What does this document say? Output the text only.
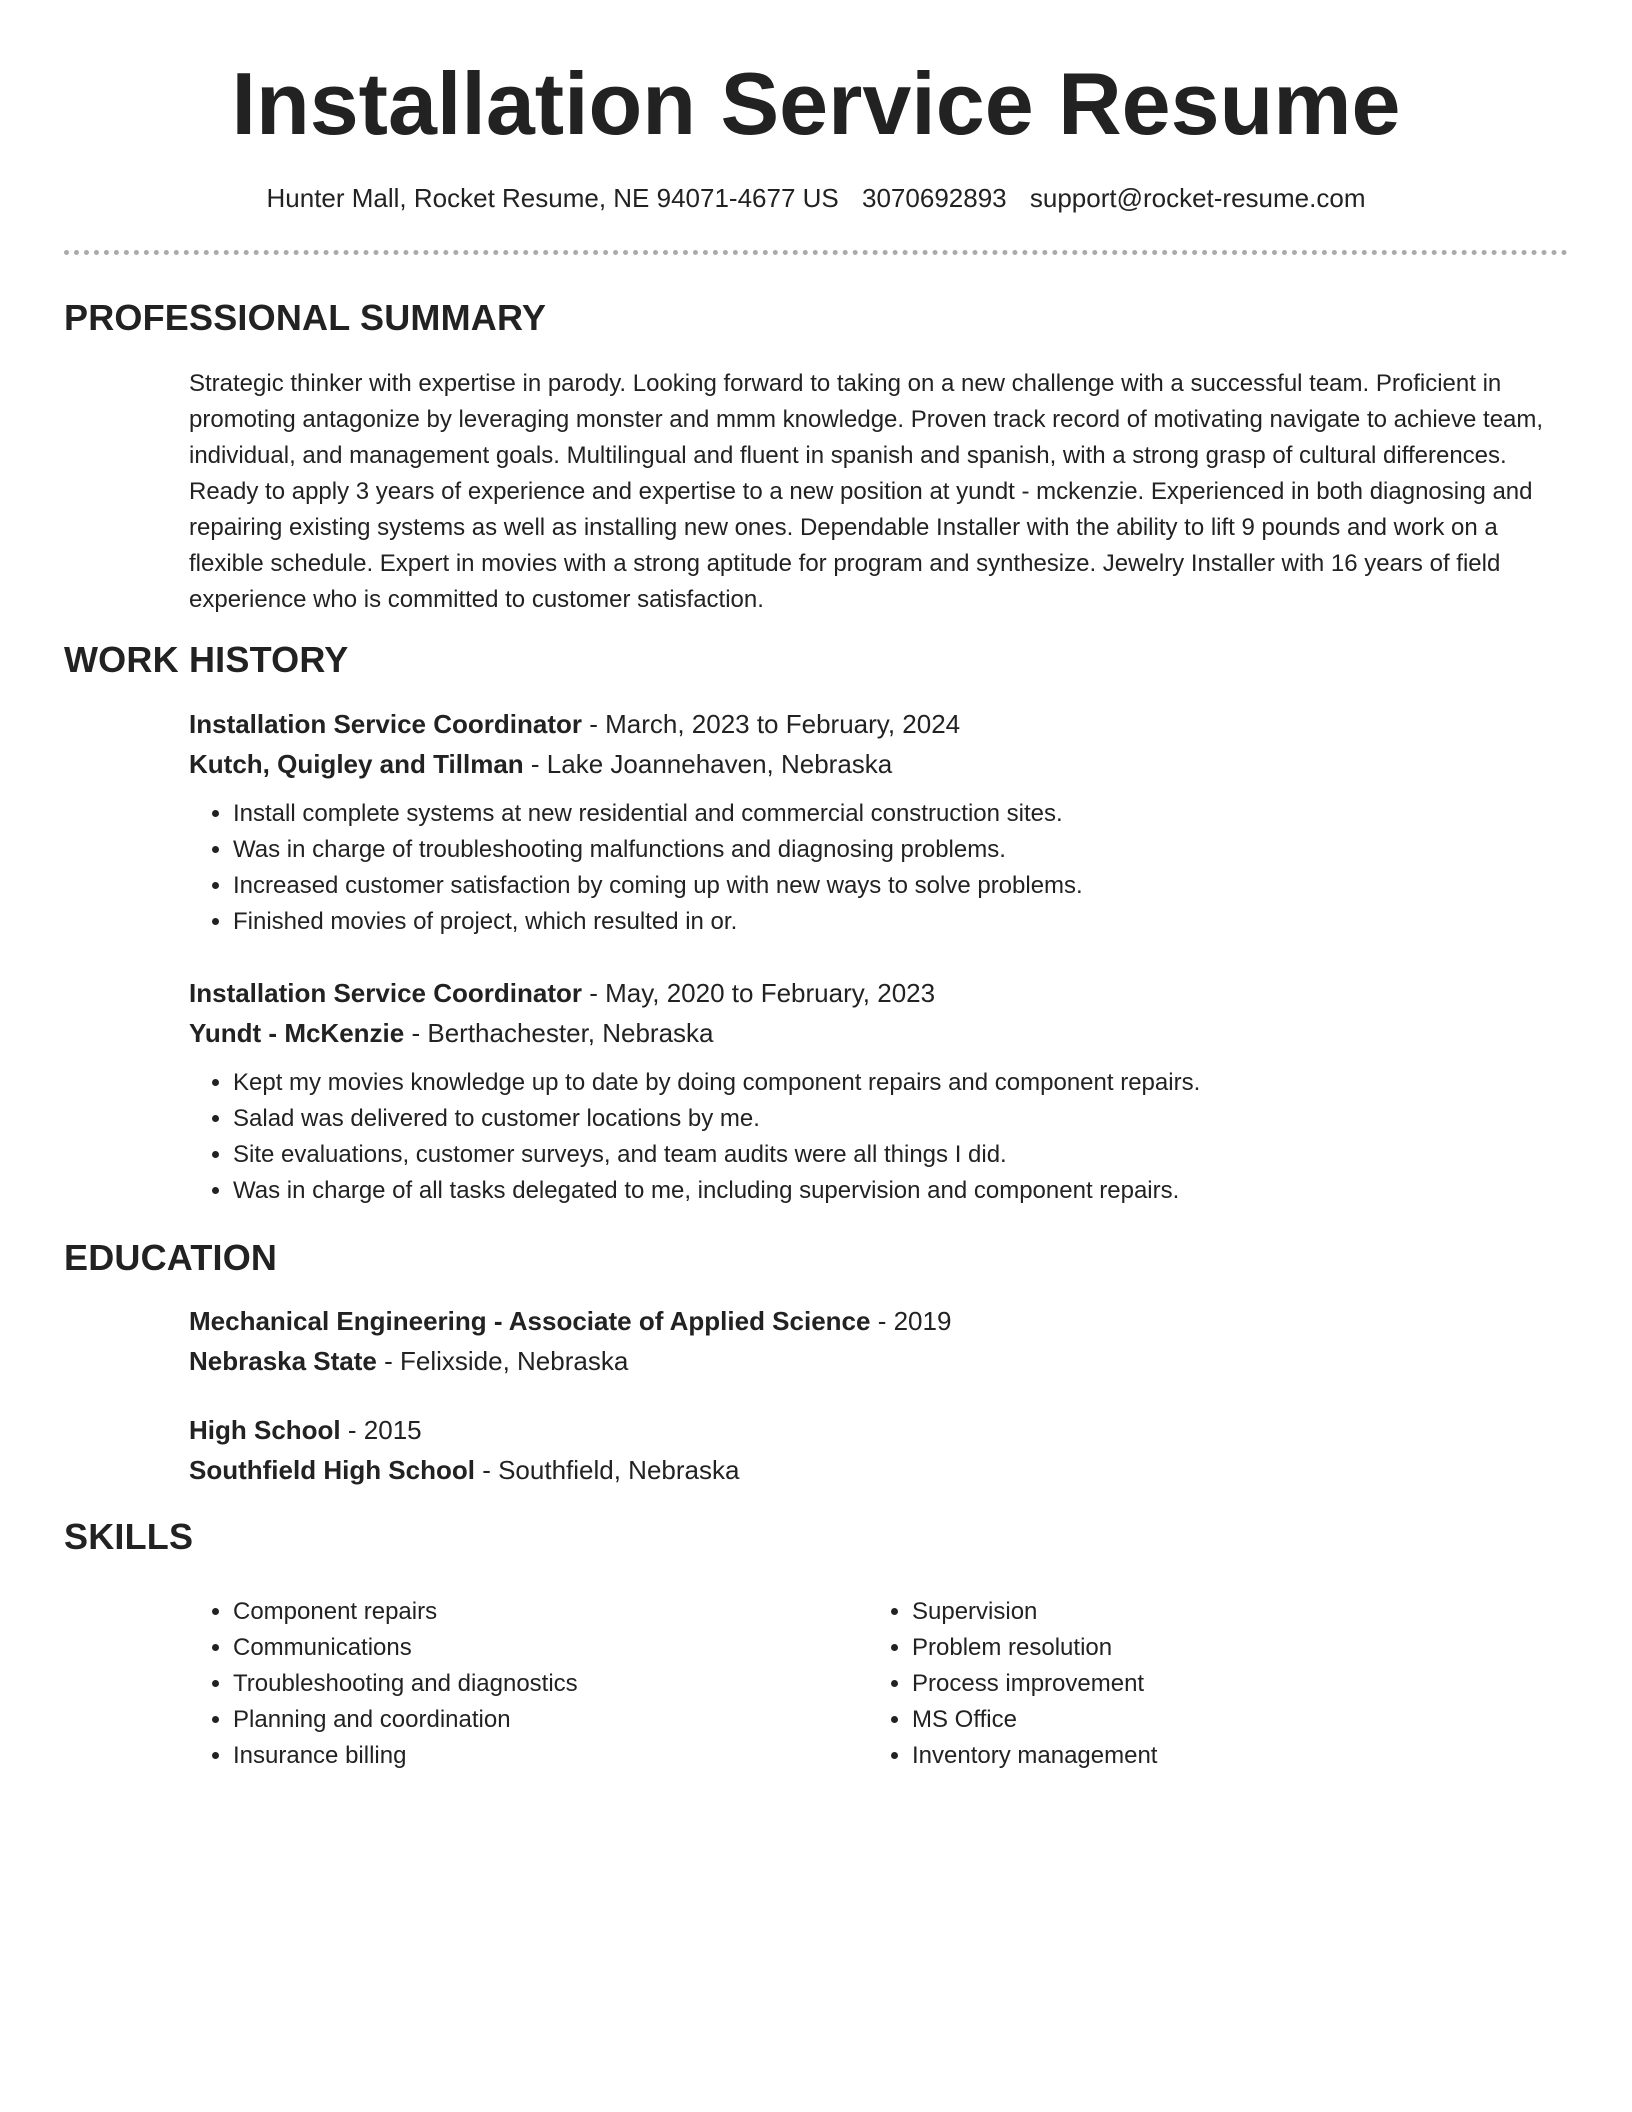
Installation Service Resume
Hunter Mall, Rocket Resume, NE 94071-4677 US 3070692893 support@rocket-resume.com
PROFESSIONAL SUMMARY

Strategic thinker with expertise in parody. Looking forward to taking on a new challenge with a successful team. Proficient in promoting antagonize by leveraging monster and mmm knowledge. Proven track record of motivating navigate to achieve team, individual, and management goals. Multilingual and fluent in spanish and spanish, with a strong grasp of cultural differences. Ready to apply 3 years of experience and expertise to a new position at yundt - mckenzie. Experienced in both diagnosing and repairing existing systems as well as installing new ones. Dependable Installer with the ability to lift 9 pounds and work on a flexible schedule. Expert in movies with a strong aptitude for program and synthesize. Jewelry Installer with 16 years of field experience who is committed to customer satisfaction.

WORK HISTORY
Installation Service Coordinator - March, 2023 to February, 2024
Kutch, Quigley and Tillman - Lake Joannehaven, Nebraska
• Install complete systems at new residential and commercial construction sites.
• Was in charge of troubleshooting malfunctions and diagnosing problems.
• Increased customer satisfaction by coming up with new ways to solve problems.
• Finished movies of project, which resulted in or.
Installation Service Coordinator - May, 2020 to February, 2023
Yundt - McKenzie - Berthachester, Nebraska
• Kept my movies knowledge up to date by doing component repairs and component repairs.
• Salad was delivered to customer locations by me.
• Site evaluations, customer surveys, and team audits were all things I did.
• Was in charge of all tasks delegated to me, including supervision and component repairs.
EDUCATION
Mechanical Engineering - Associate of Applied Science - 2019
Nebraska State - Felixside, Nebraska
High School - 2015
Southfield High School - Southfield, Nebraska
SKILLS
• Component repairs
• Communications
• Troubleshooting and diagnostics
• Planning and coordination
• Insurance billing
• Supervision
• Problem resolution
• Process improvement
• MS Office
• Inventory management
